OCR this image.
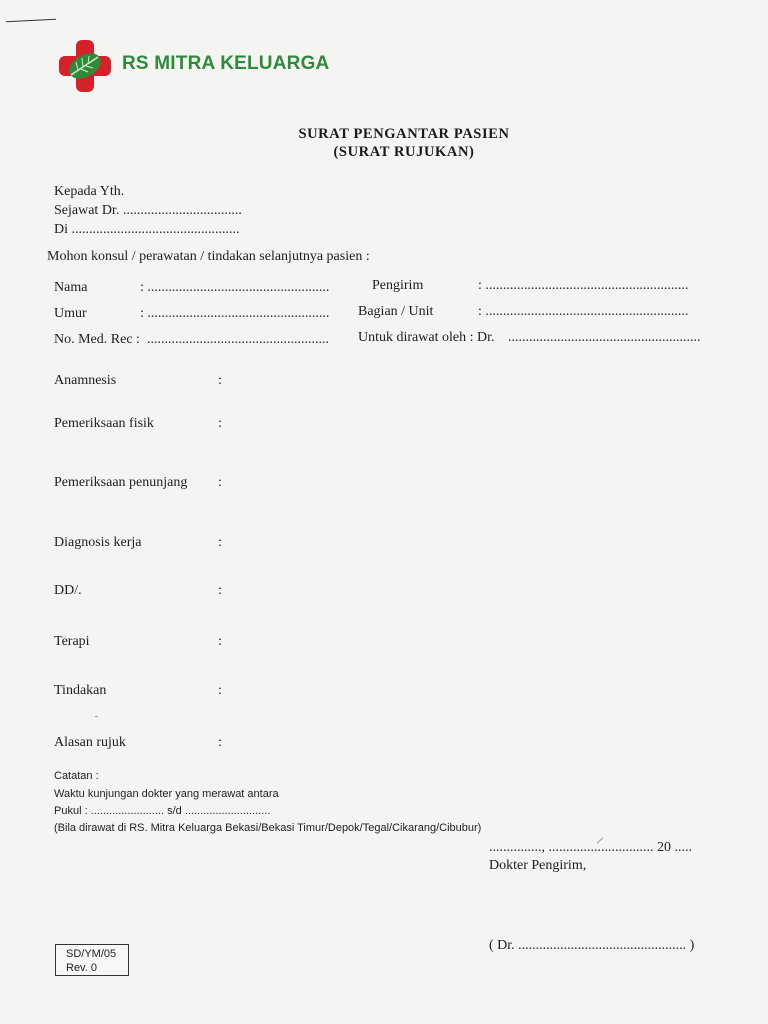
RS MITRA KELUARGA
SURAT PENGANTAR PASIEN
(SURAT RUJUKAN)
Kepada Yth.
Sejawat Dr. ..................................
Di ................................................
Mohon konsul / perawatan / tindakan selanjutnya pasien :
Nama	: ....................................................
Umur	: ....................................................
No. Med. Rec : ....................................................
Pengirim	: ..........................................................
Bagian / Unit	: ..........................................................
Untuk dirawat oleh : Dr. .......................................................
Anamnesis	:
Pemeriksaan fisik	:
Pemeriksaan penunjang :
Diagnosis kerja	:
DD/.	:
Terapi	:
Tindakan	:
Alasan rujuk	:
Catatan :
Waktu kunjungan dokter yang merawat antara
Pukul : ........................ s/d ............................
(Bila dirawat di RS. Mitra Keluarga Bekasi/Bekasi Timur/Depok/Tegal/Cikarang/Cibubur)
..............., .............................. 20 .....
Dokter Pengirim,
( Dr. ................................................ )
SD/YM/05
Rev. 0
